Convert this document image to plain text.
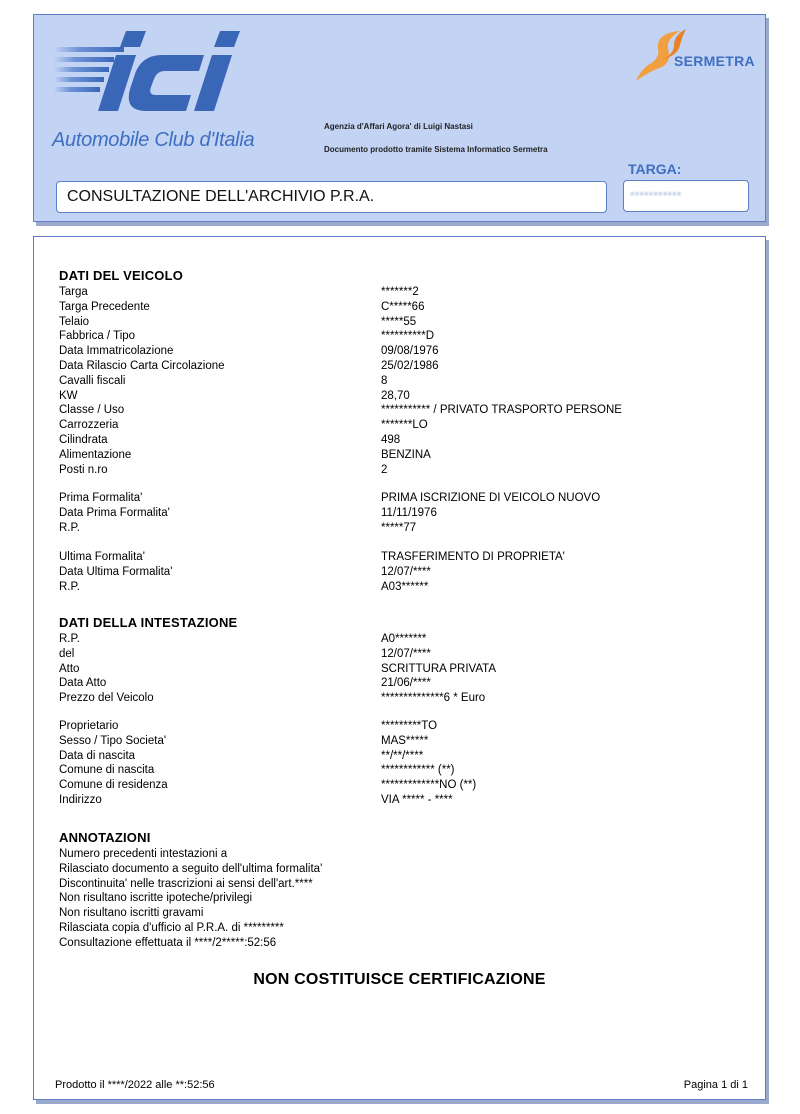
Automobile Club d'Italia
Agenzia d'Affari Agora' di Luigi Nastasi
Documento prodotto tramite Sistema Informatico Sermetra
SERMETRA
CONSULTAZIONE DELL'ARCHIVIO P.R.A.
TARGA:
***********
DATI DEL VEICOLO
Targa	*******2
Targa Precedente	C*****66
Telaio	*****55
Fabbrica / Tipo	**********D
Data Immatricolazione	09/08/1976
Data Rilascio Carta Circolazione	25/02/1986
Cavalli fiscali	8
KW	28,70
Classe / Uso	*********** / PRIVATO TRASPORTO PERSONE
Carrozzeria	*******LO
Cilindrata	498
Alimentazione	BENZINA
Posti n.ro	2
Prima Formalita'	PRIMA ISCRIZIONE DI VEICOLO NUOVO
Data Prima Formalita'	11/11/1976
R.P.	*****77
Ultima Formalita'	TRASFERIMENTO DI PROPRIETA'
Data Ultima Formalita'	12/07/****
R.P.	A03******
DATI DELLA INTESTAZIONE
R.P.	A0*******
del	12/07/****
Atto	SCRITTURA PRIVATA
Data Atto	21/06/****
Prezzo del Veicolo	**************6 * Euro
Proprietario	*********TO
Sesso / Tipo Societa'	MAS*****
Data di nascita	**/**/****
Comune di nascita	************ (**)
Comune di residenza	*************NO (**)
Indirizzo	VIA ***** - ****
ANNOTAZIONI
Numero precedenti intestazioni a
Rilasciato documento a seguito dell'ultima formalita'
Discontinuita' nelle trascrizioni ai sensi dell'art.****
Non risultano iscritte ipoteche/privilegi
Non risultano iscritti gravami
Rilasciata copia d'ufficio al P.R.A. di *********
Consultazione effettuata il ****/2*****:52:56
NON COSTITUISCE CERTIFICAZIONE
Prodotto il ****/2022 alle **:52:56	Pagina 1 di 1
